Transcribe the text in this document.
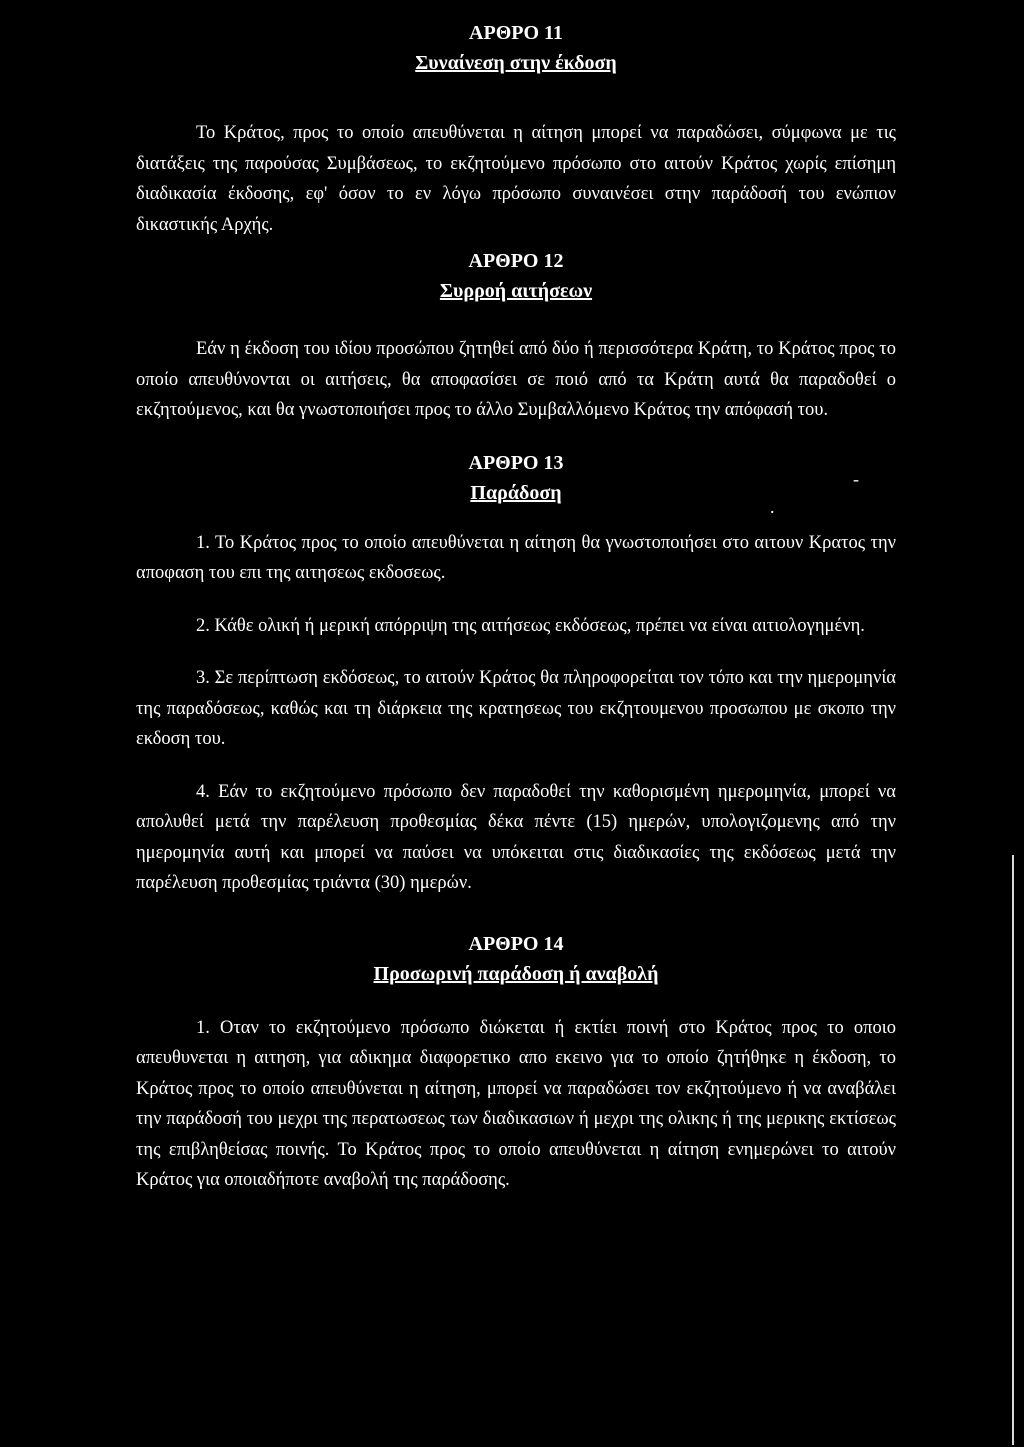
ΑΡΘΡΟ 11

Συναίνεση στην έκδοση

Το Κράτος, προς το οποίο απευθύνεται η αίτηση μπορεί να παραδώσει, σύμφωνα με τις διατάξεις της παρούσας Συμβάσεως, το εκζητούμενο πρόσωπο στο αιτούν Κράτος χωρίς επίσημη διαδικασία έκδοσης, εφ' όσον το εν λόγω πρόσωπο συναινέσει στην παράδοσή του ενώπιον δικαστικής Αρχής.

ΑΡΘΡΟ 12

Συρροή αιτήσεων

Εάν η έκδοση του ιδίου προσώπου ζητηθεί από δύο ή περισσότερα Κράτη, το Κράτος προς το οποίο απευθύνονται οι αιτήσεις, θα αποφασίσει σε ποιό από τα Κράτη αυτά θα παραδοθεί ο εκζητούμενος, και θα γνωστοποιήσει προς το άλλο Συμβαλλόμενο Κράτος την απόφασή του.

ΑΡΘΡΟ 13

Παράδοση

1. Το Κράτος προς το οποίο απευθύνεται η αίτηση θα γνωστοποιήσει στο αιτουν Κρατος την αποφαση του επι της αιτησεως εκδοσεως.

2. Κάθε ολική ή μερική απόρριψη της αιτήσεως εκδόσεως, πρέπει να είναι αιτιολογημένη.

3. Σε περίπτωση εκδόσεως, το αιτούν Κράτος θα πληροφορείται τον τόπο και την ημερομηνία της παραδόσεως, καθώς και τη διάρκεια της κρατησεως του εκζητουμενου προσωπου με σκοπο την εκδοση του.

4. Εάν το εκζητούμενο πρόσωπο δεν παραδοθεί την καθορισμένη ημερομηνία, μπορεί να απολυθεί μετά την παρέλευση προθεσμίας δέκα πέντε (15) ημερών, υπολογιζομενης από την ημερομηνία αυτή και μπορεί να παύσει να υπόκειται στις διαδικασίες της εκδόσεως μετά την παρέλευση προθεσμίας τριάντα (30) ημερών.

ΑΡΘΡΟ 14

Προσωρινή παράδοση ή αναβολή

1. Οταν το εκζητούμενο πρόσωπο διώκεται ή εκτίει ποινή στο Κράτος προς το οποιο απευθυνεται η αιτηση, για αδικημα διαφορετικο απο εκεινο για το οποίο ζητήθηκε η έκδοση, το Κράτος προς το οποίο απευθύνεται η αίτηση, μπορεί να παραδώσει τον εκζητούμενο ή να αναβάλει την παράδοσή του μεχρι της περατωσεως των διαδικασιων ή μεχρι της ολικης ή της μερικης εκτίσεως της επιβληθείσας ποινής. Το Κράτος προς το οποίο απευθύνεται η αίτηση ενημερώνει το αιτούν Κράτος για οποιαδήποτε αναβολή της παράδοσης.

-
.
